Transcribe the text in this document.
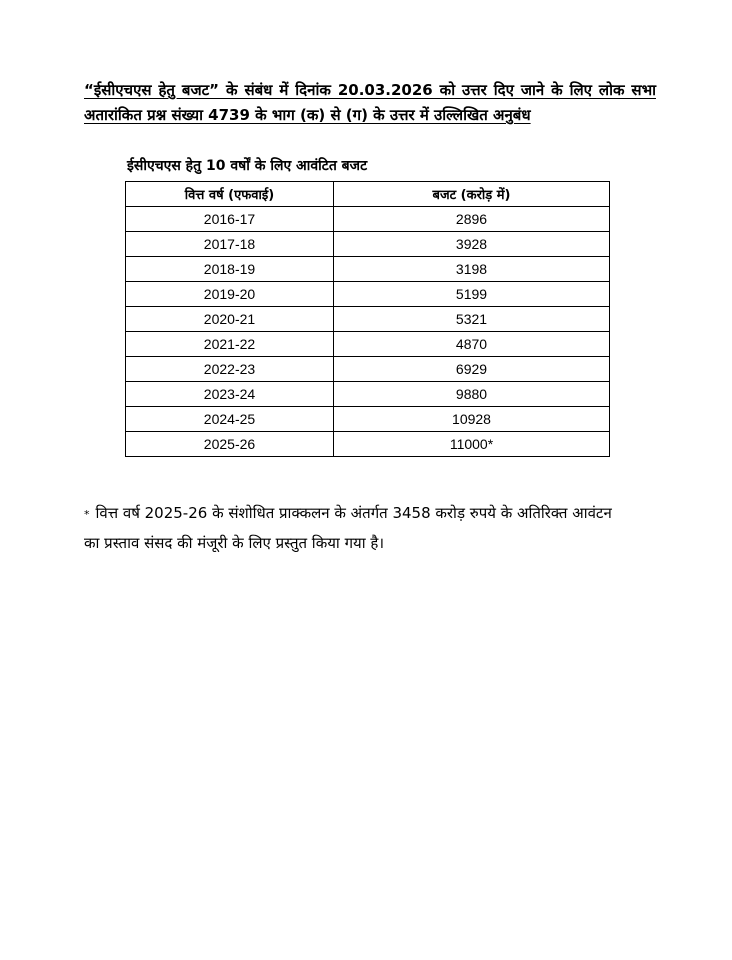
“ईसीएचएस हेतु बजट” के संबंध में दिनांक 20.03.2026 को उत्तर दिए जाने के लिए लोक सभा अतारांकित प्रश्न संख्या 4739 के भाग (क) से (ग) के उत्तर में उल्लिखित अनुबंध
ईसीएचएस हेतु 10 वर्षों के लिए आवंटित बजट
वित्त वर्ष (एफवाई)	बजट (करोड़ में)
2016-17	2896
2017-18	3928
2018-19	3198
2019-20	5199
2020-21	5321
2021-22	4870
2022-23	6929
2023-24	9880
2024-25	10928
2025-26	11000*
* वित्त वर्ष 2025-26 के संशोधित प्राक्कलन के अंतर्गत 3458 करोड़ रुपये के अतिरिक्त आवंटन का प्रस्ताव संसद की मंजूरी के लिए प्रस्तुत किया गया है।
